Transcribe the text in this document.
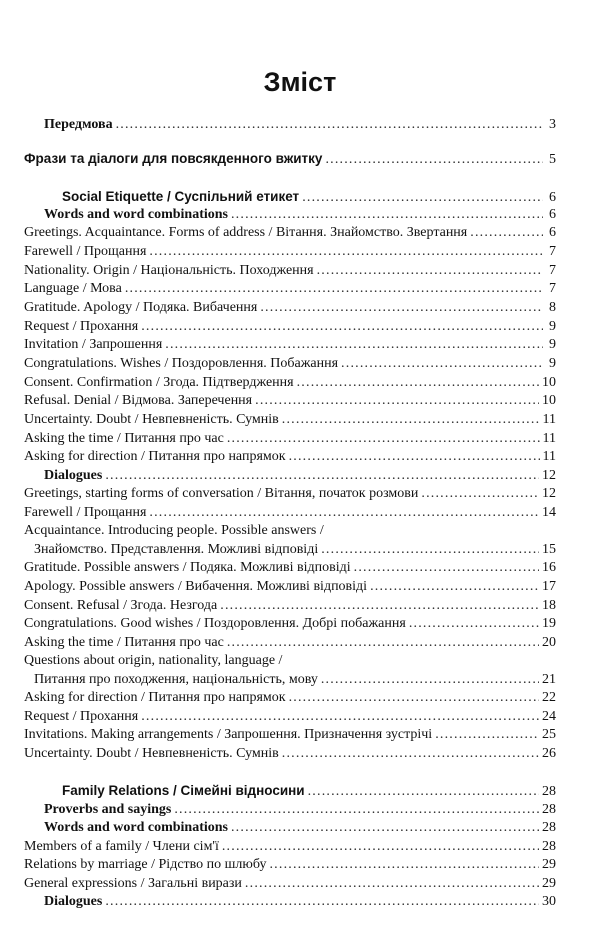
Зміст
Передмова .....	3
Фрази та діалоги для повсякденного вжитку .....	5
Social Etiquette / Суспільний етикет .....	6
Words and word combinations .....	6
Greetings. Acquaintance. Forms of address / Вітання. Знайомство. Звертання .....	6
Farewell / Прощання .....	7
Nationality. Origin / Національність. Походження .....	7
Language / Мова .....	7
Gratitude. Apology / Подяка. Вибачення .....	8
Request / Прохання .....	9
Invitation / Запрошення .....	9
Congratulations. Wishes / Поздоровлення. Побажання .....	9
Consent. Confirmation / Згода. Підтвердження .....	10
Refusal. Denial / Відмова. Заперечення .....	10
Uncertainty. Doubt / Невпевненість. Сумнів .....	11
Asking the time / Питання про час .....	11
Asking for direction / Питання про напрямок .....	11
Dialogues .....	12
Greetings, starting forms of conversation / Вітання, початок розмови .....	12
Farewell / Прощання .....	14
Acquaintance. Introducing people. Possible answers /
Знайомство. Представлення. Можливі відповіді .....	15
Gratitude. Possible answers / Подяка. Можливі відповіді .....	16
Apology. Possible answers / Вибачення. Можливі відповіді .....	17
Consent. Refusal / Згода. Незгода .....	18
Congratulations. Good wishes / Поздоровлення. Добрі побажання .....	19
Asking the time / Питання про час .....	20
Questions about origin, nationality, language /
Питання про походження, національність, мову .....	21
Asking for direction / Питання про напрямок .....	22
Request / Прохання .....	24
Invitations. Making arrangements / Запрошення. Призначення зустрічі .....	25
Uncertainty. Doubt / Невпевненість. Сумнів .....	26
Family Relations / Сімейні відносини .....	28
Proverbs and sayings .....	28
Words and word combinations .....	28
Members of a family / Члени сім'ї .....	28
Relations by marriage / Рідство по шлюбу .....	29
General expressions / Загальні вирази .....	29
Dialogues .....	30
